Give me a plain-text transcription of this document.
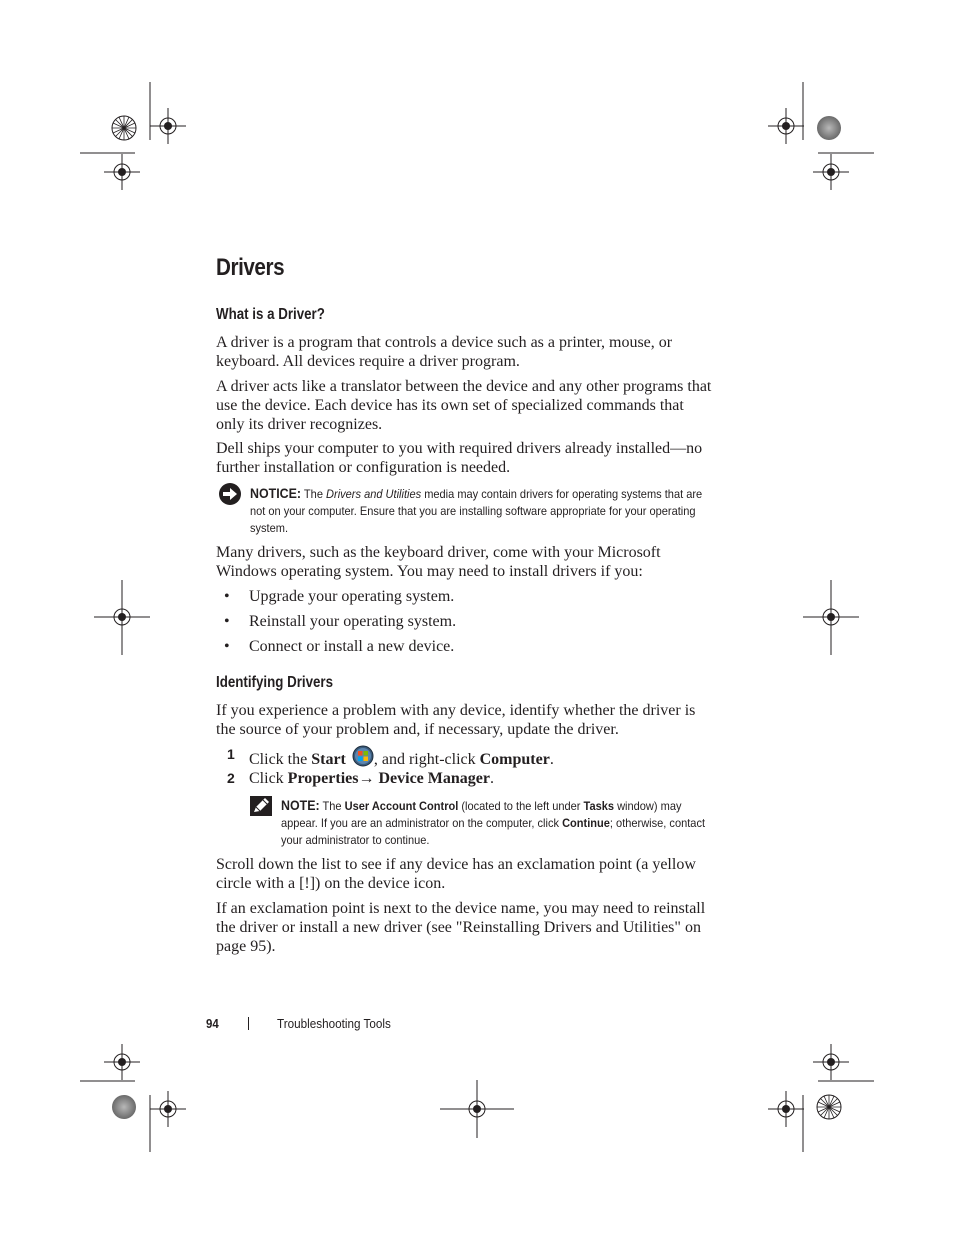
Drivers
What is a Driver?

A driver is a program that controls a device such as a printer, mouse, or keyboard. All devices require a driver program.

A driver acts like a translator between the device and any other programs that use the device. Each device has its own set of specialized commands that only its driver recognizes.

Dell ships your computer to you with required drivers already installed—no further installation or configuration is needed.

NOTICE: The Drivers and Utilities media may contain drivers for operating systems that are not on your computer. Ensure that you are installing software appropriate for your operating system.

Many drivers, such as the keyboard driver, come with your Microsoft Windows operating system. You may need to install drivers if you:

• Upgrade your operating system.
• Reinstall your operating system.
• Connect or install a new device.
Identifying Drivers

If you experience a problem with any device, identify whether the driver is the source of your problem and, if necessary, update the driver.

1 Click the Start , and right-click Computer.
2 Click Properties→ Device Manager.
NOTE: The User Account Control (located to the left under Tasks window) may appear. If you are an administrator on the computer, click Continue; otherwise, contact your administrator to continue.

Scroll down the list to see if any device has an exclamation point (a yellow circle with a [!]) on the device icon.

If an exclamation point is next to the device name, you may need to reinstall the driver or install a new driver (see "Reinstalling Drivers and Utilities" on page 95).

94	Troubleshooting Tools
